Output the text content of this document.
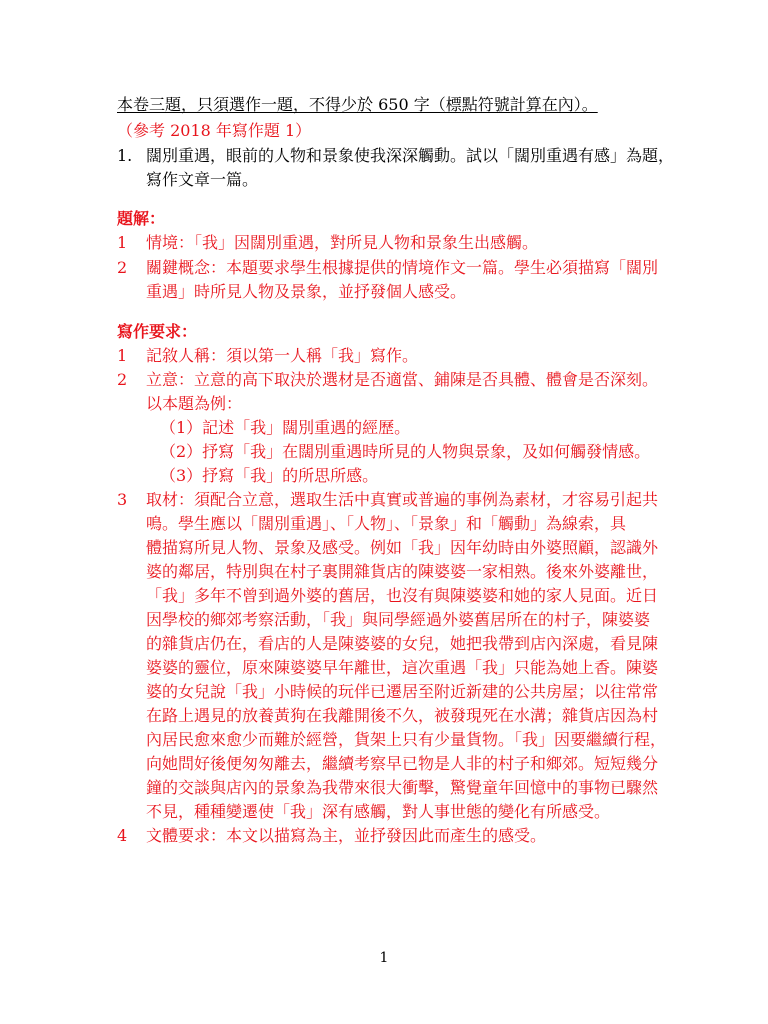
本卷三題，只須選作一題，不得少於 650 字（標點符號計算在內）。
（參考 2018 年寫作題 1）
1. 闊別重遇，眼前的人物和景象使我深深觸動。試以「闊別重遇有感」為題，
寫作文章一篇。
題解：
1 情境：「我」因闊別重遇，對所見人物和景象生出感觸。
2 關鍵概念：本題要求學生根據提供的情境作文一篇。學生必須描寫「闊別
重遇」時所見人物及景象，並抒發個人感受。
寫作要求：
1 記敘人稱：須以第一人稱「我」寫作。
2 立意：立意的高下取決於選材是否適當、鋪陳是否具體、體會是否深刻。
以本題為例：
（1）記述「我」闊別重遇的經歷。
（2）抒寫「我」在闊別重遇時所見的人物與景象，及如何觸發情感。
（3）抒寫「我」的所思所感。
3 取材：須配合立意，選取生活中真實或普遍的事例為素材，才容易引起共
鳴。學生應以「闊別重遇」、「人物」、「景象」和「觸動」為線索，具
體描寫所見人物、景象及感受。例如「我」因年幼時由外婆照顧，認識外
婆的鄰居，特別與在村子裏開雜貨店的陳婆婆一家相熟。後來外婆離世，
「我」多年不曾到過外婆的舊居，也沒有與陳婆婆和她的家人見面。近日
因學校的鄉郊考察活動，「我」與同學經過外婆舊居所在的村子，陳婆婆
的雜貨店仍在，看店的人是陳婆婆的女兒，她把我帶到店內深處，看見陳
婆婆的靈位，原來陳婆婆早年離世，這次重遇「我」只能為她上香。陳婆
婆的女兒說「我」小時候的玩伴已遷居至附近新建的公共房屋；以往常常
在路上遇見的放養黃狗在我離開後不久，被發現死在水溝；雜貨店因為村
內居民愈來愈少而難於經營，貨架上只有少量貨物。「我」因要繼續行程，
向她問好後便匆匆離去，繼續考察早已物是人非的村子和鄉郊。短短幾分
鐘的交談與店內的景象為我帶來很大衝擊，驚覺童年回憶中的事物已驟然
不見，種種變遷使「我」深有感觸，對人事世態的變化有所感受。
4 文體要求：本文以描寫為主，並抒發因此而產生的感受。
1
